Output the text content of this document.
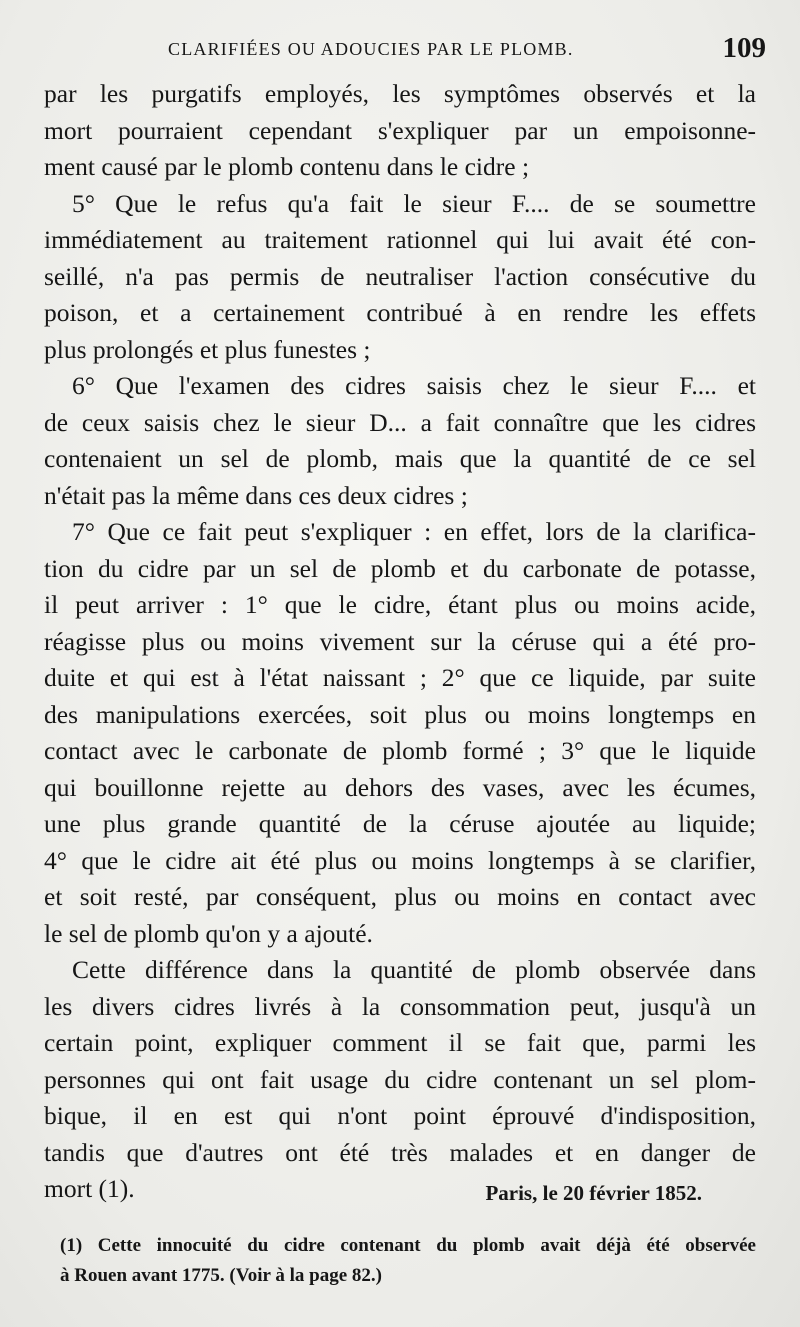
CLARIFIÉES OU ADOUCIES PAR LE PLOMB.	109
par les purgatifs employés, les symptômes observés et la
mort pourraient cependant s'expliquer par un empoisonne-
ment causé par le plomb contenu dans le cidre ;
5° Que le refus qu'a fait le sieur F.... de se soumettre
immédiatement au traitement rationnel qui lui avait été con-
seillé, n'a pas permis de neutraliser l'action consécutive du
poison, et a certainement contribué à en rendre les effets
plus prolongés et plus funestes ;
6° Que l'examen des cidres saisis chez le sieur F.... et
de ceux saisis chez le sieur D... a fait connaître que les cidres
contenaient un sel de plomb, mais que la quantité de ce sel
n'était pas la même dans ces deux cidres ;
7° Que ce fait peut s'expliquer : en effet, lors de la clarifica-
tion du cidre par un sel de plomb et du carbonate de potasse,
il peut arriver : 1° que le cidre, étant plus ou moins acide,
réagisse plus ou moins vivement sur la céruse qui a été pro-
duite et qui est à l'état naissant ; 2° que ce liquide, par suite
des manipulations exercées, soit plus ou moins longtemps en
contact avec le carbonate de plomb formé ; 3° que le liquide
qui bouillonne rejette au dehors des vases, avec les écumes,
une plus grande quantité de la céruse ajoutée au liquide;
4° que le cidre ait été plus ou moins longtemps à se clarifier,
et soit resté, par conséquent, plus ou moins en contact avec
le sel de plomb qu'on y a ajouté.
Cette différence dans la quantité de plomb observée dans
les divers cidres livrés à la consommation peut, jusqu'à un
certain point, expliquer comment il se fait que, parmi les
personnes qui ont fait usage du cidre contenant un sel plom-
bique, il en est qui n'ont point éprouvé d'indisposition,
tandis que d'autres ont été très malades et en danger de
mort (1).	Paris, le 20 février 1852.
(1) Cette innocuité du cidre contenant du plomb avait déjà été observée
à Rouen avant 1775. (Voir à la page 82.)
